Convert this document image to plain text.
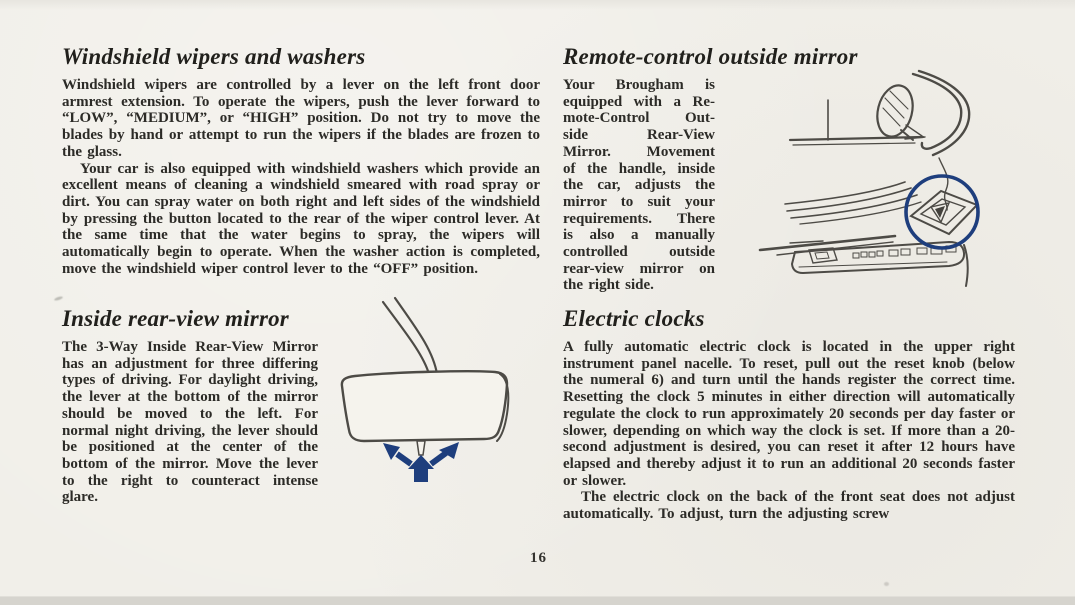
Windshield wipers and washers

Windshield wipers are controlled by a lever on the left front door armrest extension. To operate the wipers, push the lever forward to “LOW”, “MEDIUM”, or “HIGH” position. Do not try to move the blades by hand or attempt to run the wipers if the blades are frozen to the glass.

Your car is also equipped with windshield washers which provide an excellent means of cleaning a windshield smeared with road spray or dirt. You can spray water on both right and left sides of the windshield by pressing the button located to the rear of the wiper control lever. At the same time that the water begins to spray, the wipers will automatically begin to operate. When the washer action is completed, move the windshield wiper control lever to the “OFF” position.

Remote-control outside mirror
Your Brougham is
equipped with a Re-
mote-Control Out-
side Rear-View
Mirror. Movement
of the handle, inside
the car, adjusts the
mirror to suit your
requirements. There
is also a manually
controlled outside
rear-view mirror on
the right side.
Inside rear-view mirror

The 3-Way Inside Rear-View Mirror has an adjustment for three differing types of driving. For daylight driving, the lever at the bottom of the mirror should be moved to the left. For normal night driving, the lever should be positioned at the center of the bottom of the mirror. Move the lever to the right to counteract intense glare.

Electric clocks

A fully automatic electric clock is located in the upper right instrument panel nacelle. To reset, pull out the reset knob (below the numeral 6) and turn until the hands register the correct time. Resetting the clock 5 minutes in either direction will automatically regulate the clock to run approximately 20 seconds per day faster or slower, depending on which way the clock is set. If more than a 20-second adjustment is desired, you can reset it after 12 hours have elapsed and thereby adjust it to run an additional 20 seconds faster or slower.

The electric clock on the back of the front seat does not adjust automatically. To adjust, turn the adjusting screw

16
